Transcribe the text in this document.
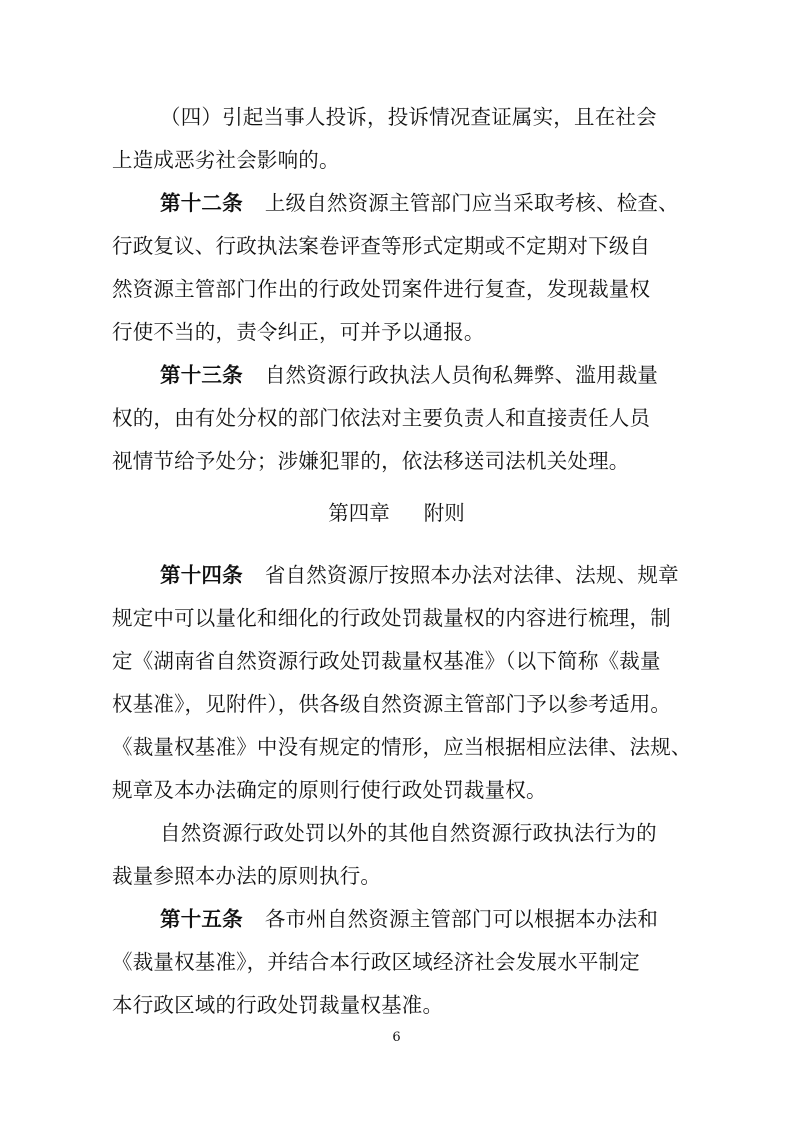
（四）引起当事人投诉，投诉情况查证属实，且在社会
上造成恶劣社会影响的。
第十二条 上级自然资源主管部门应当采取考核、检查、
行政复议、行政执法案卷评查等形式定期或不定期对下级自
然资源主管部门作出的行政处罚案件进行复查，发现裁量权
行使不当的，责令纠正，可并予以通报。
第十三条 自然资源行政执法人员徇私舞弊、滥用裁量
权的，由有处分权的部门依法对主要负责人和直接责任人员
视情节给予处分；涉嫌犯罪的，依法移送司法机关处理。
第四章 附则
第十四条 省自然资源厅按照本办法对法律、法规、规章
规定中可以量化和细化的行政处罚裁量权的内容进行梳理，制
定《湖南省自然资源行政处罚裁量权基准》（以下简称《裁量
权基准》，见附件），供各级自然资源主管部门予以参考适用。
《裁量权基准》中没有规定的情形，应当根据相应法律、法规、
规章及本办法确定的原则行使行政处罚裁量权。
自然资源行政处罚以外的其他自然资源行政执法行为的
裁量参照本办法的原则执行。
第十五条 各市州自然资源主管部门可以根据本办法和
《裁量权基准》，并结合本行政区域经济社会发展水平制定
本行政区域的行政处罚裁量权基准。
6
